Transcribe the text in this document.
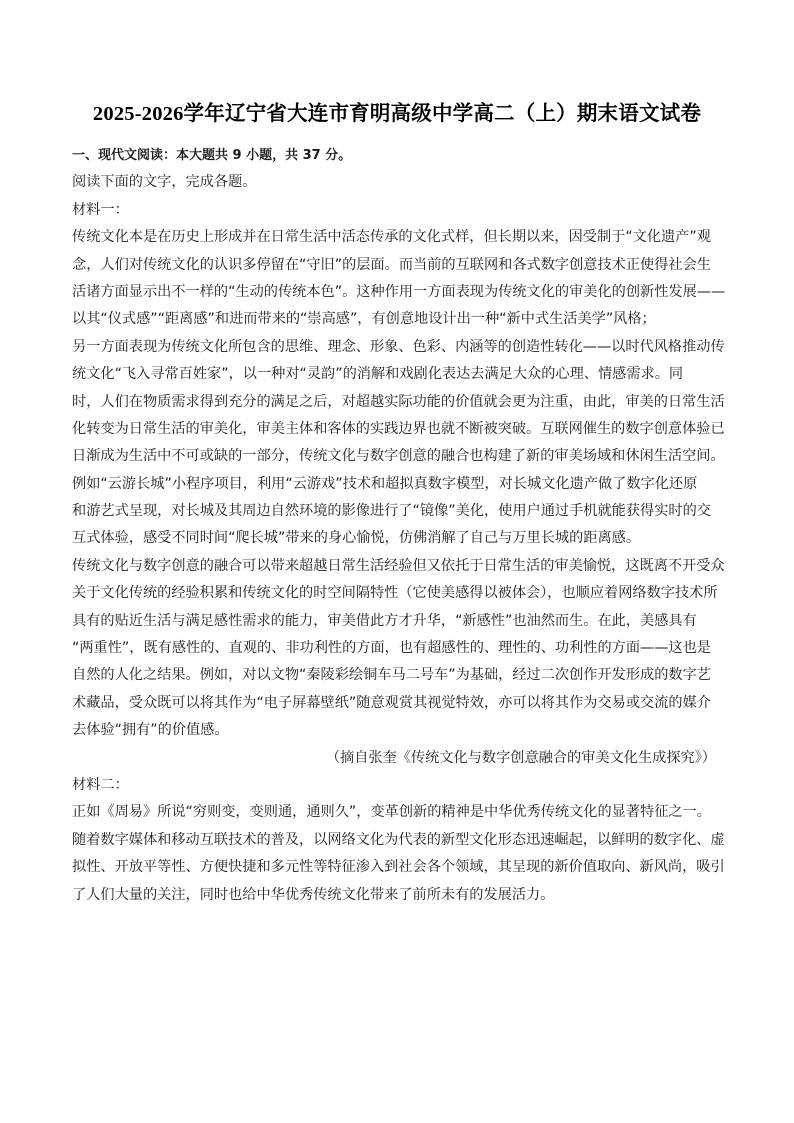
2025-2026学年辽宁省大连市育明高级中学高二（上）期末语文试卷
一、现代文阅读：本大题共 9 小题，共 37 分。
阅读下面的文字，完成各题。
材料一：
传统文化本是在历史上形成并在日常生活中活态传承的文化式样，但长期以来，因受制于“文化遗产”观
念，人们对传统文化的认识多停留在“守旧”的层面。而当前的互联网和各式数字创意技术正使得社会生
活诸方面显示出不一样的“生动的传统本色”。这种作用一方面表现为传统文化的审美化的创新性发展——
以其“仪式感”“距离感”和进而带来的“崇高感”，有创意地设计出一种“新中式生活美学”风格；
另一方面表现为传统文化所包含的思维、理念、形象、色彩、内涵等的创造性转化——以时代风格推动传
统文化“飞入寻常百姓家”，以一种对“灵韵”的消解和戏剧化表达去满足大众的心理、情感需求。同
时，人们在物质需求得到充分的满足之后，对超越实际功能的价值就会更为注重，由此，审美的日常生活
化转变为日常生活的审美化，审美主体和客体的实践边界也就不断被突破。互联网催生的数字创意体验已
日渐成为生活中不可或缺的一部分，传统文化与数字创意的融合也构建了新的审美场域和休闲生活空间。
例如“云游长城”小程序项目，利用“云游戏”技术和超拟真数字模型，对长城文化遗产做了数字化还原
和游艺式呈现，对长城及其周边自然环境的影像进行了“镜像”美化，使用户通过手机就能获得实时的交
互式体验，感受不同时间“爬长城”带来的身心愉悦，仿佛消解了自己与万里长城的距离感。
传统文化与数字创意的融合可以带来超越日常生活经验但又依托于日常生活的审美愉悦，这既离不开受众
关于文化传统的经验积累和传统文化的时空间隔特性（它使美感得以被体会），也顺应着网络数字技术所
具有的贴近生活与满足感性需求的能力，审美借此方才升华，“新感性”也油然而生。在此，美感具有
“两重性”，既有感性的、直观的、非功利性的方面，也有超感性的、理性的、功利性的方面——这也是
自然的人化之结果。例如，对以文物“秦陵彩绘铜车马二号车”为基础，经过二次创作开发形成的数字艺
术藏品，受众既可以将其作为“电子屏幕壁纸”随意观赏其视觉特效，亦可以将其作为交易或交流的媒介
去体验“拥有”的价值感。
（摘自张奎《传统文化与数字创意融合的审美文化生成探究》）
材料二：
正如《周易》所说“穷则变，变则通，通则久”，变革创新的精神是中华优秀传统文化的显著特征之一。
随着数字媒体和移动互联技术的普及，以网络文化为代表的新型文化形态迅速崛起，以鲜明的数字化、虚
拟性、开放平等性、方便快捷和多元性等特征渗入到社会各个领域，其呈现的新价值取向、新风尚，吸引
了人们大量的关注，同时也给中华优秀传统文化带来了前所未有的发展活力。
